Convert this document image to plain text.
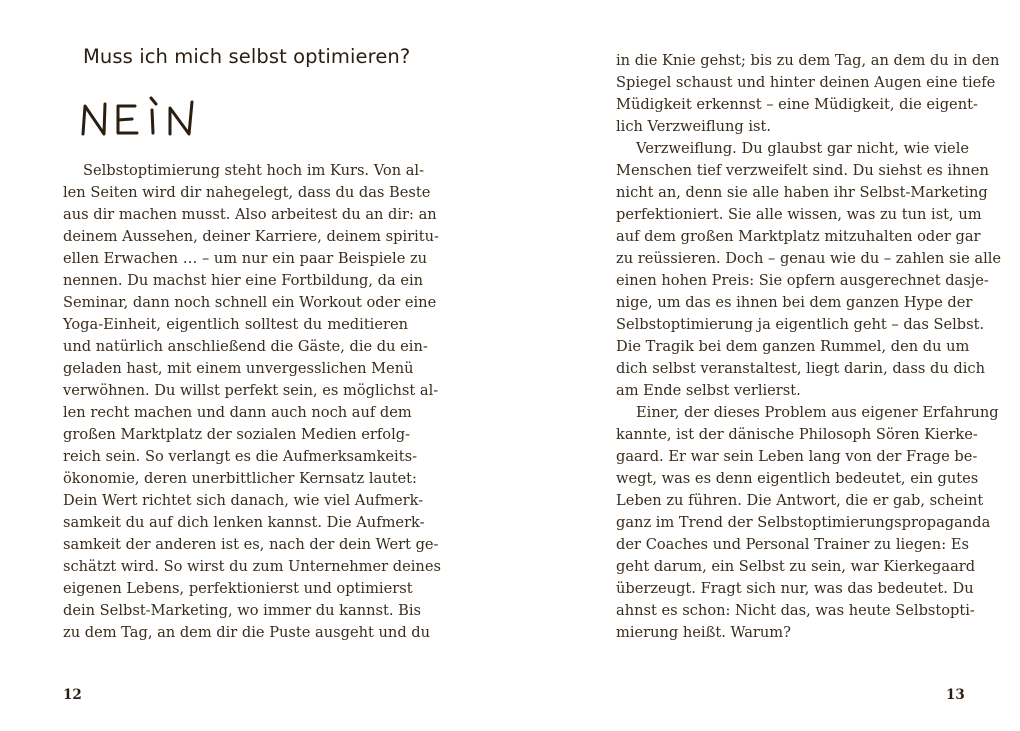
Muss ich mich selbst optimieren?
Selbstoptimierung steht hoch im Kurs. Von al-
len Seiten wird dir nahegelegt, dass du das Beste
aus dir machen musst. Also arbeitest du an dir: an
deinem Aussehen, deiner Karriere, deinem spiritu-
ellen Erwachen … – um nur ein paar Beispiele zu
nennen. Du machst hier eine Fortbildung, da ein
Seminar, dann noch schnell ein Workout oder eine
Yoga-Einheit, eigentlich solltest du meditieren
und natürlich anschließend die Gäste, die du ein-
geladen hast, mit einem unvergesslichen Menü
verwöhnen. Du willst perfekt sein, es möglichst al-
len recht machen und dann auch noch auf dem
großen Marktplatz der sozialen Medien erfolg-
reich sein. So verlangt es die Aufmerksamkeits-
ökonomie, deren unerbittlicher Kernsatz lautet:
Dein Wert richtet sich danach, wie viel Aufmerk-
samkeit du auf dich lenken kannst. Die Aufmerk-
samkeit der anderen ist es, nach der dein Wert ge-
schätzt wird. So wirst du zum Unternehmer deines
eigenen Lebens, perfektionierst und optimierst
dein Selbst-Marketing, wo immer du kannst. Bis
zu dem Tag, an dem dir die Puste ausgeht und du
12
in die Knie gehst; bis zu dem Tag, an dem du in den
Spiegel schaust und hinter deinen Augen eine tiefe
Müdigkeit erkennst – eine Müdigkeit, die eigent-
lich Verzweiflung ist.
Verzweiflung. Du glaubst gar nicht, wie viele
Menschen tief verzweifelt sind. Du siehst es ihnen
nicht an, denn sie alle haben ihr Selbst-Marketing
perfektioniert. Sie alle wissen, was zu tun ist, um
auf dem großen Marktplatz mitzuhalten oder gar
zu reüssieren. Doch – genau wie du – zahlen sie alle
einen hohen Preis: Sie opfern ausgerechnet dasje-
nige, um das es ihnen bei dem ganzen Hype der
Selbstoptimierung ja eigentlich geht – das Selbst.
Die Tragik bei dem ganzen Rummel, den du um
dich selbst veranstaltest, liegt darin, dass du dich
am Ende selbst verlierst.
Einer, der dieses Problem aus eigener Erfahrung
kannte, ist der dänische Philosoph Sören Kierke-
gaard. Er war sein Leben lang von der Frage be-
wegt, was es denn eigentlich bedeutet, ein gutes
Leben zu führen. Die Antwort, die er gab, scheint
ganz im Trend der Selbstoptimierungspropaganda
der Coaches und Personal Trainer zu liegen: Es
geht darum, ein Selbst zu sein, war Kierkegaard
überzeugt. Fragt sich nur, was das bedeutet. Du
ahnst es schon: Nicht das, was heute Selbstopti-
mierung heißt. Warum?
13
